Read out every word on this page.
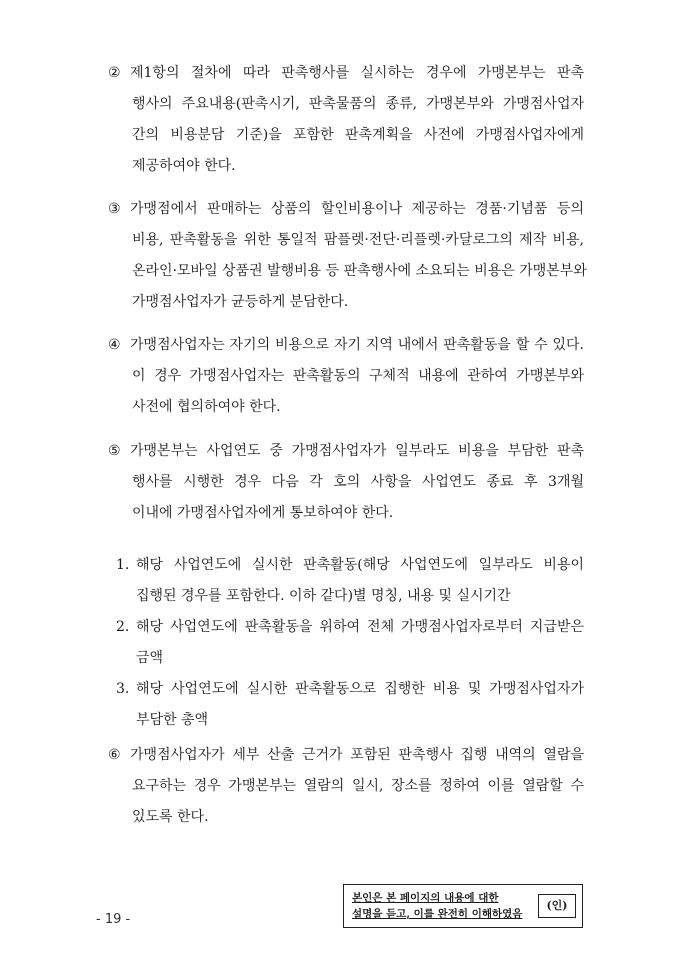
② 제1항의 절차에 따라 판촉행사를 실시하는 경우에 가맹본부는 판촉
행사의 주요내용(판촉시기, 판촉물품의 종류, 가맹본부와 가맹점사업자
간의 비용분담 기준)을 포함한 판촉계획을 사전에 가맹점사업자에게
제공하여야 한다.
③ 가맹점에서 판매하는 상품의 할인비용이나 제공하는 경품·기념품 등의
비용, 판촉활동을 위한 통일적 팜플렛·전단·리플렛·카달로그의 제작 비용,
온라인·모바일 상품권 발행비용 등 판촉행사에 소요되는 비용은 가맹본부와
가맹점사업자가 균등하게 분담한다.
④ 가맹점사업자는 자기의 비용으로 자기 지역 내에서 판촉활동을 할 수 있다.
이 경우 가맹점사업자는 판촉활동의 구체적 내용에 관하여 가맹본부와
사전에 협의하여야 한다.
⑤ 가맹본부는 사업연도 중 가맹점사업자가 일부라도 비용을 부담한 판촉
행사를 시행한 경우 다음 각 호의 사항을 사업연도 종료 후 3개월
이내에 가맹점사업자에게 통보하여야 한다.
1. 해당 사업연도에 실시한 판촉활동(해당 사업연도에 일부라도 비용이
집행된 경우를 포함한다. 이하 같다)별 명칭, 내용 및 실시기간
2. 해당 사업연도에 판촉활동을 위하여 전체 가맹점사업자로부터 지급받은
금액
3. 해당 사업연도에 실시한 판촉활동으로 집행한 비용 및 가맹점사업자가
부담한 총액
⑥ 가맹점사업자가 세부 산출 근거가 포함된 판촉행사 집행 내역의 열람을
요구하는 경우 가맹본부는 열람의 일시, 장소를 정하여 이를 열람할 수
있도록 한다.
- 19 -
본인은 본 페이지의 내용에 대한
설명을 듣고, 이를 완전히 이해하였음
(인)
